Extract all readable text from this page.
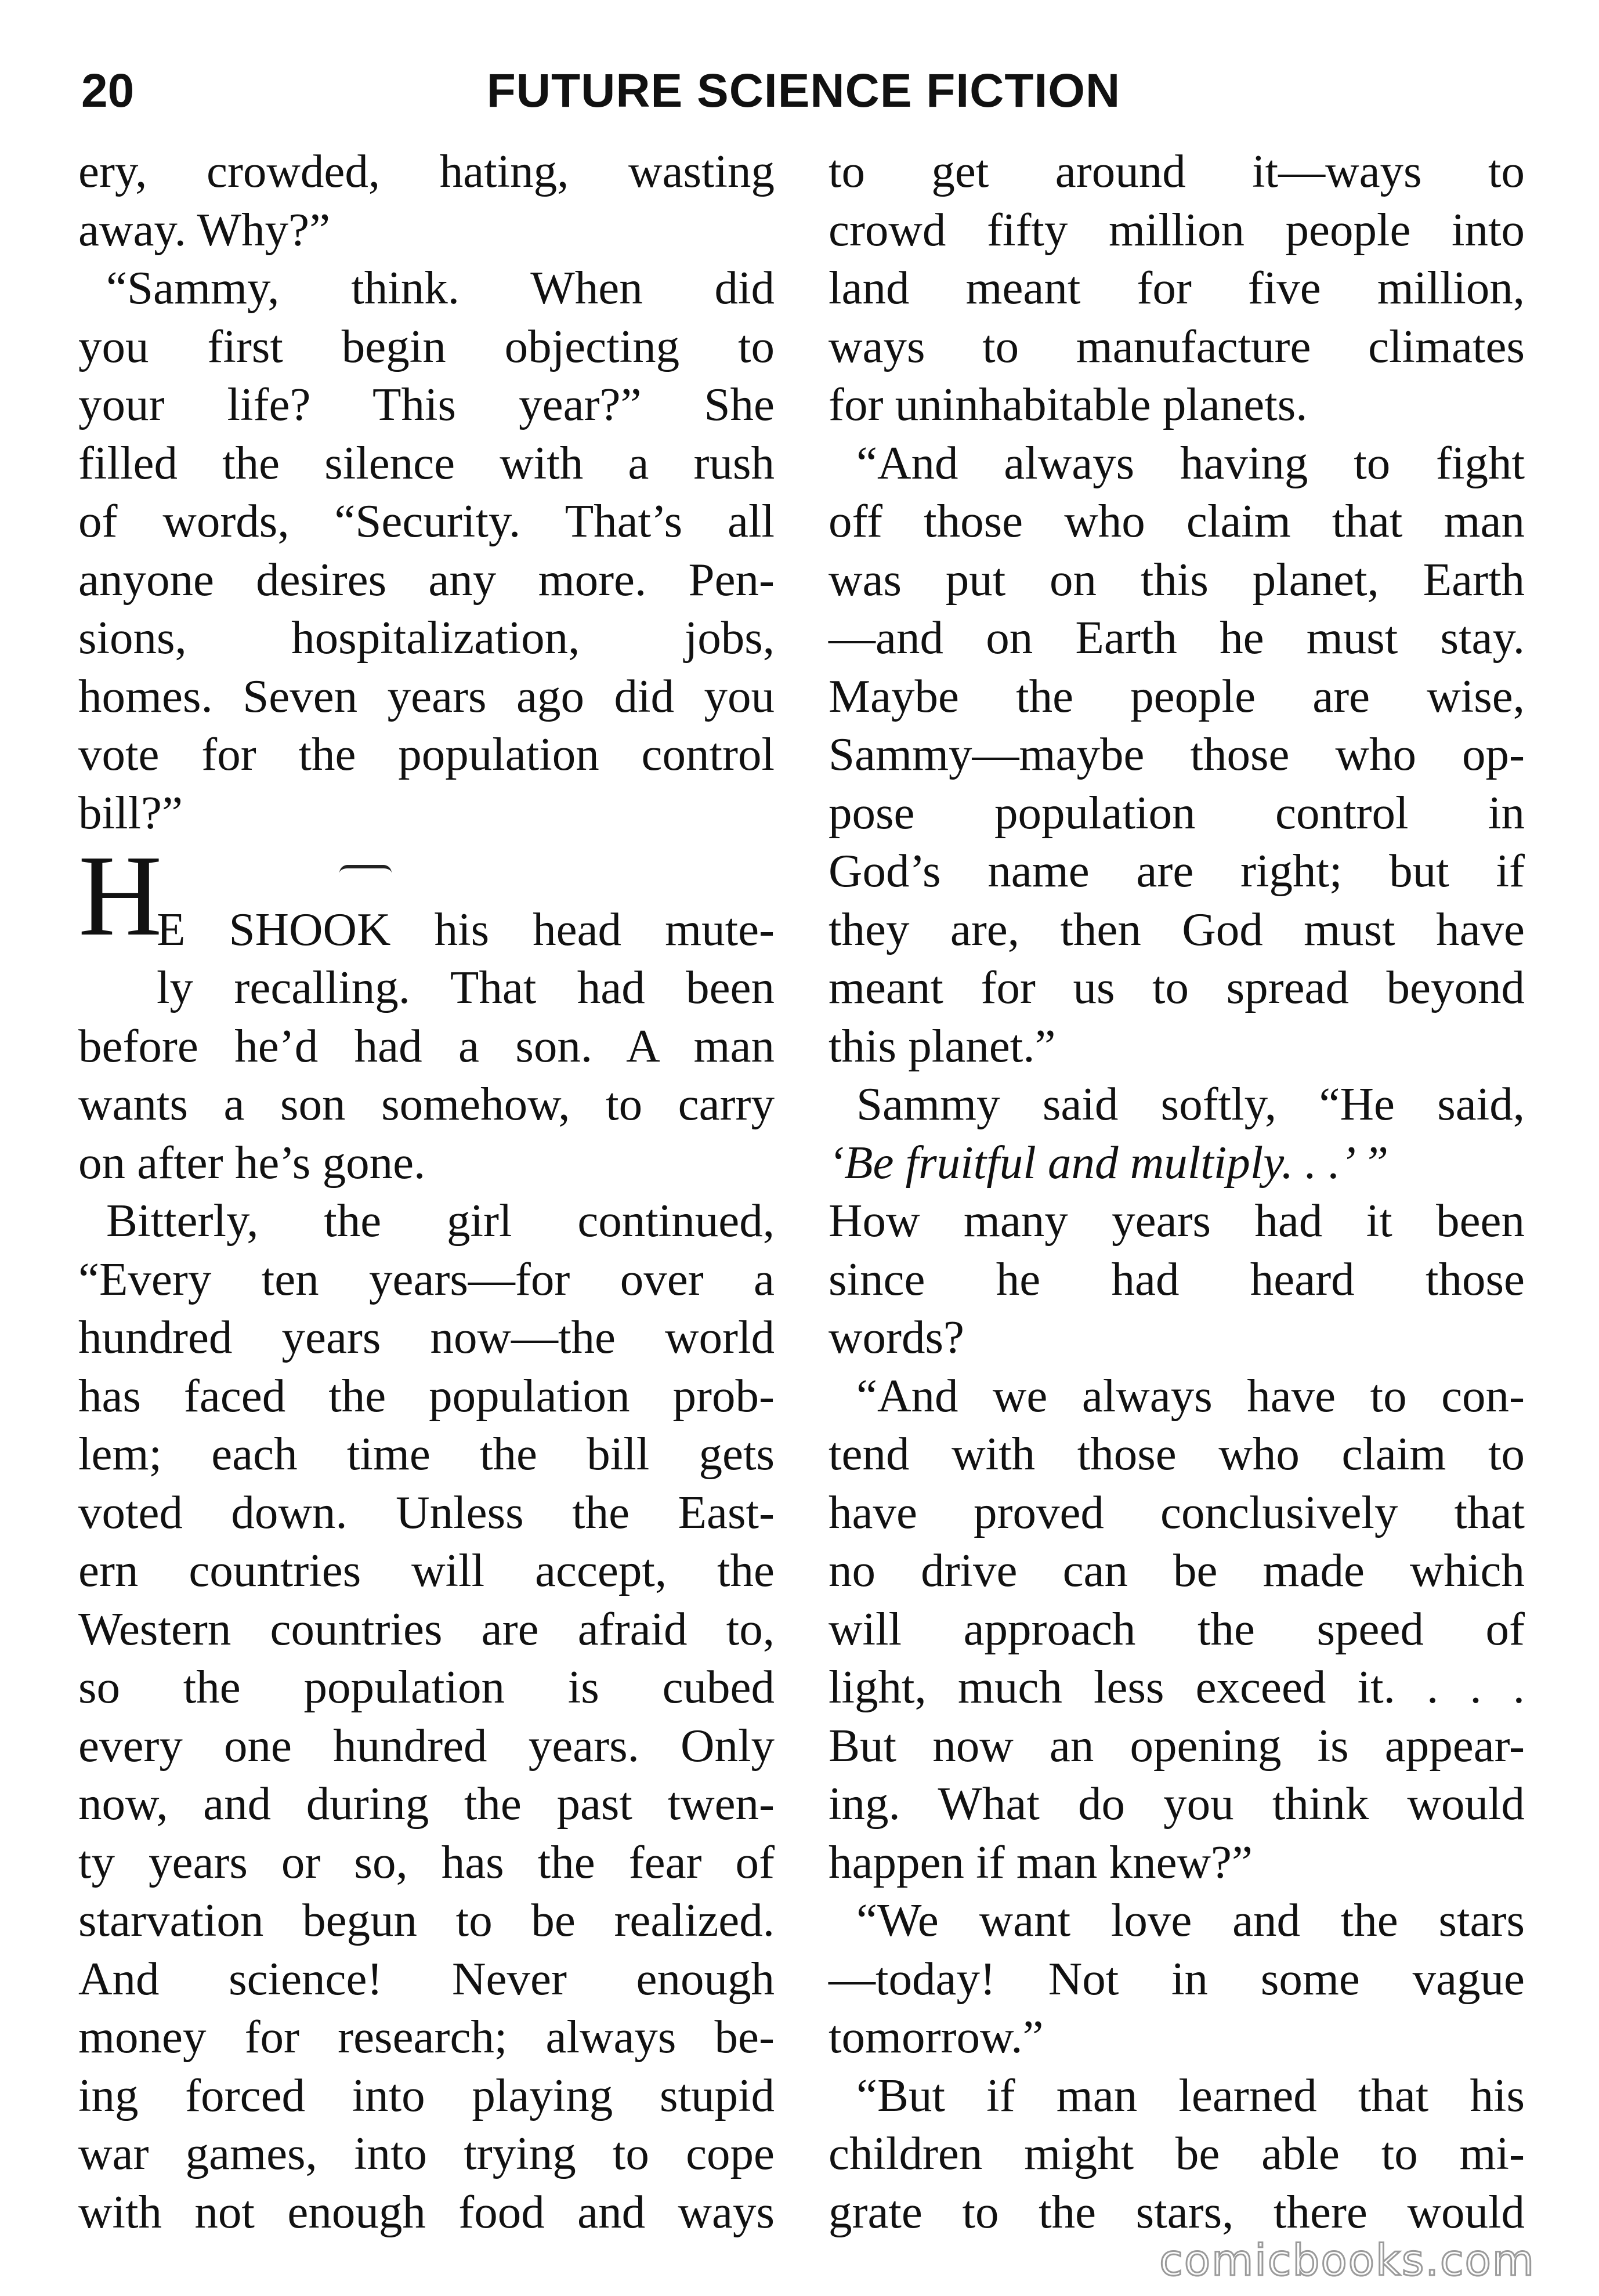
20	FUTURE SCIENCE FICTION
ery, crowded, hating, wasting
away. Why?”
“Sammy, think. When did
you first begin objecting to
your life? This year?” She
filled the silence with a rush
of words, “Security. That’s all
anyone desires any more. Pen-
sions, hospitalization, jobs,
homes. Seven years ago did you
vote for the population control
bill?”
E SHOOK his head mute-
ly recalling. That had been
before he’d had a son. A man
wants a son somehow, to carry
on after he’s gone.
Bitterly, the girl continued,
“Every ten years—for over a
hundred years now—the world
has faced the population prob-
lem; each time the bill gets
voted down. Unless the East-
ern countries will accept, the
Western countries are afraid to,
so the population is cubed
every one hundred years. Only
now, and during the past twen-
ty years or so, has the fear of
starvation begun to be realized.
And science! Never enough
money for research; always be-
ing forced into playing stupid
war games, into trying to cope
with not enough food and ways
H
to get around it—ways to
crowd fifty million people into
land meant for five million,
ways to manufacture climates
for uninhabitable planets.
“And always having to fight
off those who claim that man
was put on this planet, Earth
—and on Earth he must stay.
Maybe the people are wise,
Sammy—maybe those who op-
pose population control in
God’s name are right; but if
they are, then God must have
meant for us to spread beyond
this planet.”
Sammy said softly, “He said,
‘Be fruitful and multiply. . .’ ”
How many years had it been
since he had heard those
words?
“And we always have to con-
tend with those who claim to
have proved conclusively that
no drive can be made which
will approach the speed of
light, much less exceed it. . . .
But now an opening is appear-
ing. What do you think would
happen if man knew?”
“We want love and the stars
—today! Not in some vague
tomorrow.”
“But if man learned that his
children might be able to mi-
grate to the stars, there would
comicbooks.com
